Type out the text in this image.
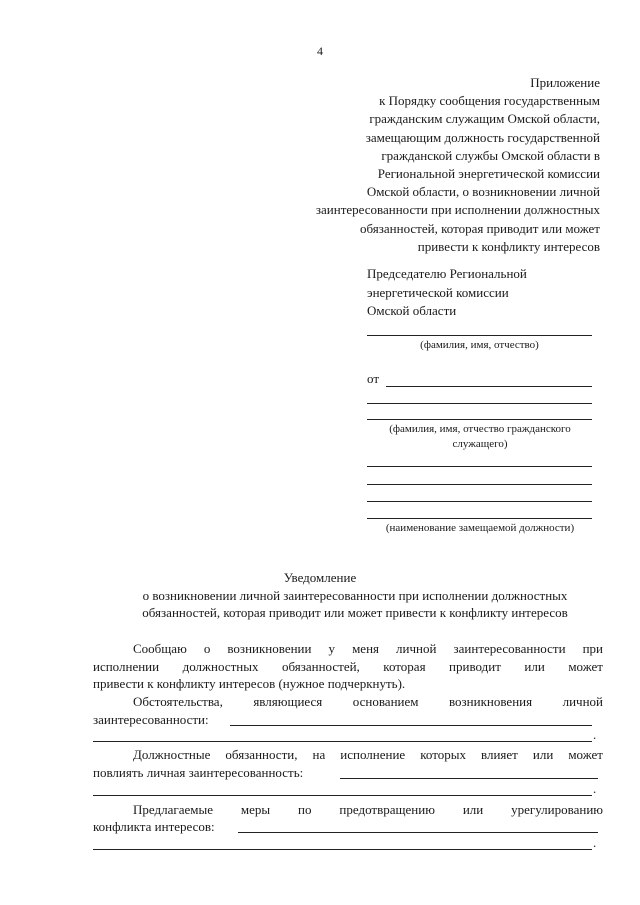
4
Приложение
к Порядку сообщения государственным
гражданским служащим Омской области,
замещающим должность государственной
гражданской службы Омской области в
Региональной энергетической комиссии
Омской области, о возникновении личной
заинтересованности при исполнении должностных
обязанностей, которая приводит или может
привести к конфликту интересов
Председателю Региональной
энергетической комиссии
Омской области
(фамилия, имя, отчество)
от
(фамилия, имя, отчество гражданского
служащего)
(наименование замещаемой должности)
Уведомление
о возникновении личной заинтересованности при исполнении должностных
обязанностей, которая приводит или может привести к конфликту интересов
Сообщаю о возникновении у меня личной заинтересованности при
исполнении должностных обязанностей, которая приводит или может
привести к конфликту интересов (нужное подчеркнуть).
Обстоятельства, являющиеся основанием возникновения личной
заинтересованности:
.
Должностные обязанности, на исполнение которых влияет или может
повлиять личная заинтересованность:
.
Предлагаемые меры по предотвращению или урегулированию
конфликта интересов:
.
